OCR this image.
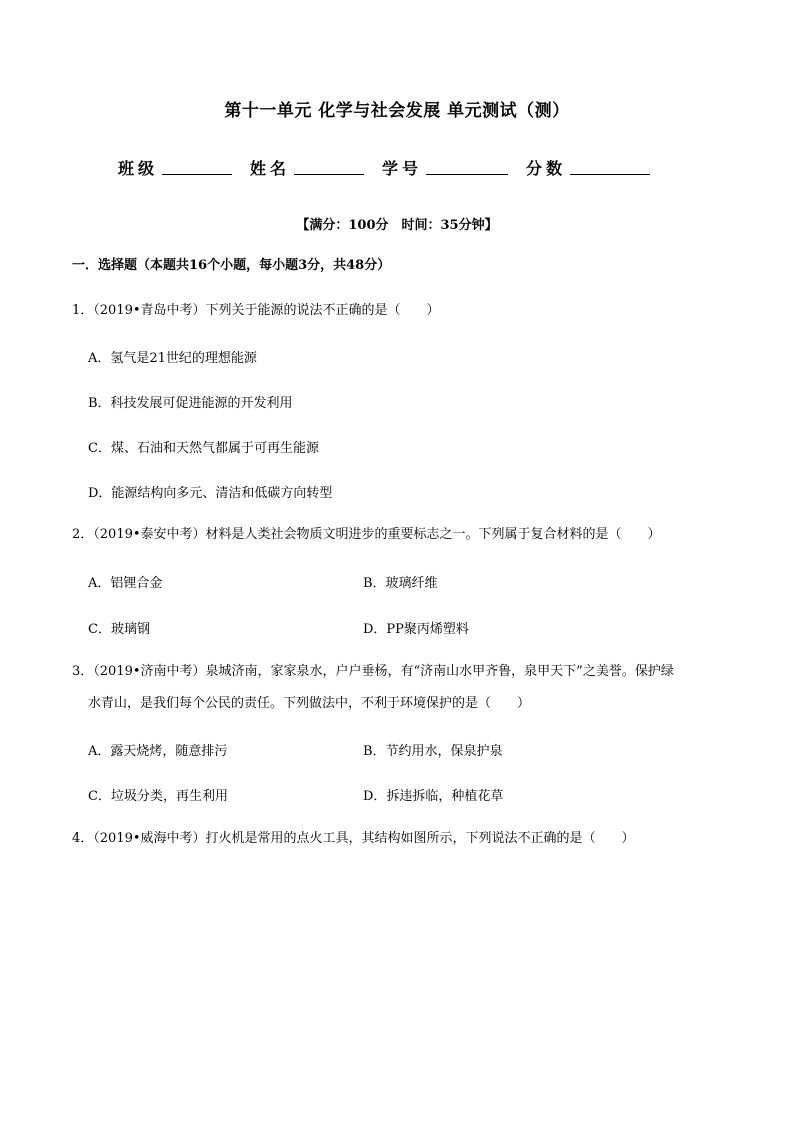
第十一单元 化学与社会发展 单元测试（测）
班级	姓名	学号	分数
【满分：100分　时间：35分钟】
一．选择题（本题共16个小题，每小题3分，共48分）
1．（2019•青岛中考）下列关于能源的说法不正确的是（　　）
A．氢气是21世纪的理想能源
B．科技发展可促进能源的开发利用
C．煤、石油和天然气都属于可再生能源
D．能源结构向多元、清洁和低碳方向转型
2．（2019•泰安中考）材料是人类社会物质文明进步的重要标志之一。下列属于复合材料的是（　　）
A．铝锂合金	B．玻璃纤维
C．玻璃钢	D．PP聚丙烯塑料
3．（2019•济南中考）泉城济南，家家泉水，户户垂杨，有“济南山水甲齐鲁，泉甲天下”之美誉。保护绿
水青山，是我们每个公民的责任。下列做法中，不利于环境保护的是（　　）
A．露天烧烤，随意排污	B．节约用水，保泉护泉
C．垃圾分类，再生利用	D．拆违拆临，种植花草
4．（2019•威海中考）打火机是常用的点火工具，其结构如图所示，下列说法不正确的是（　　）
